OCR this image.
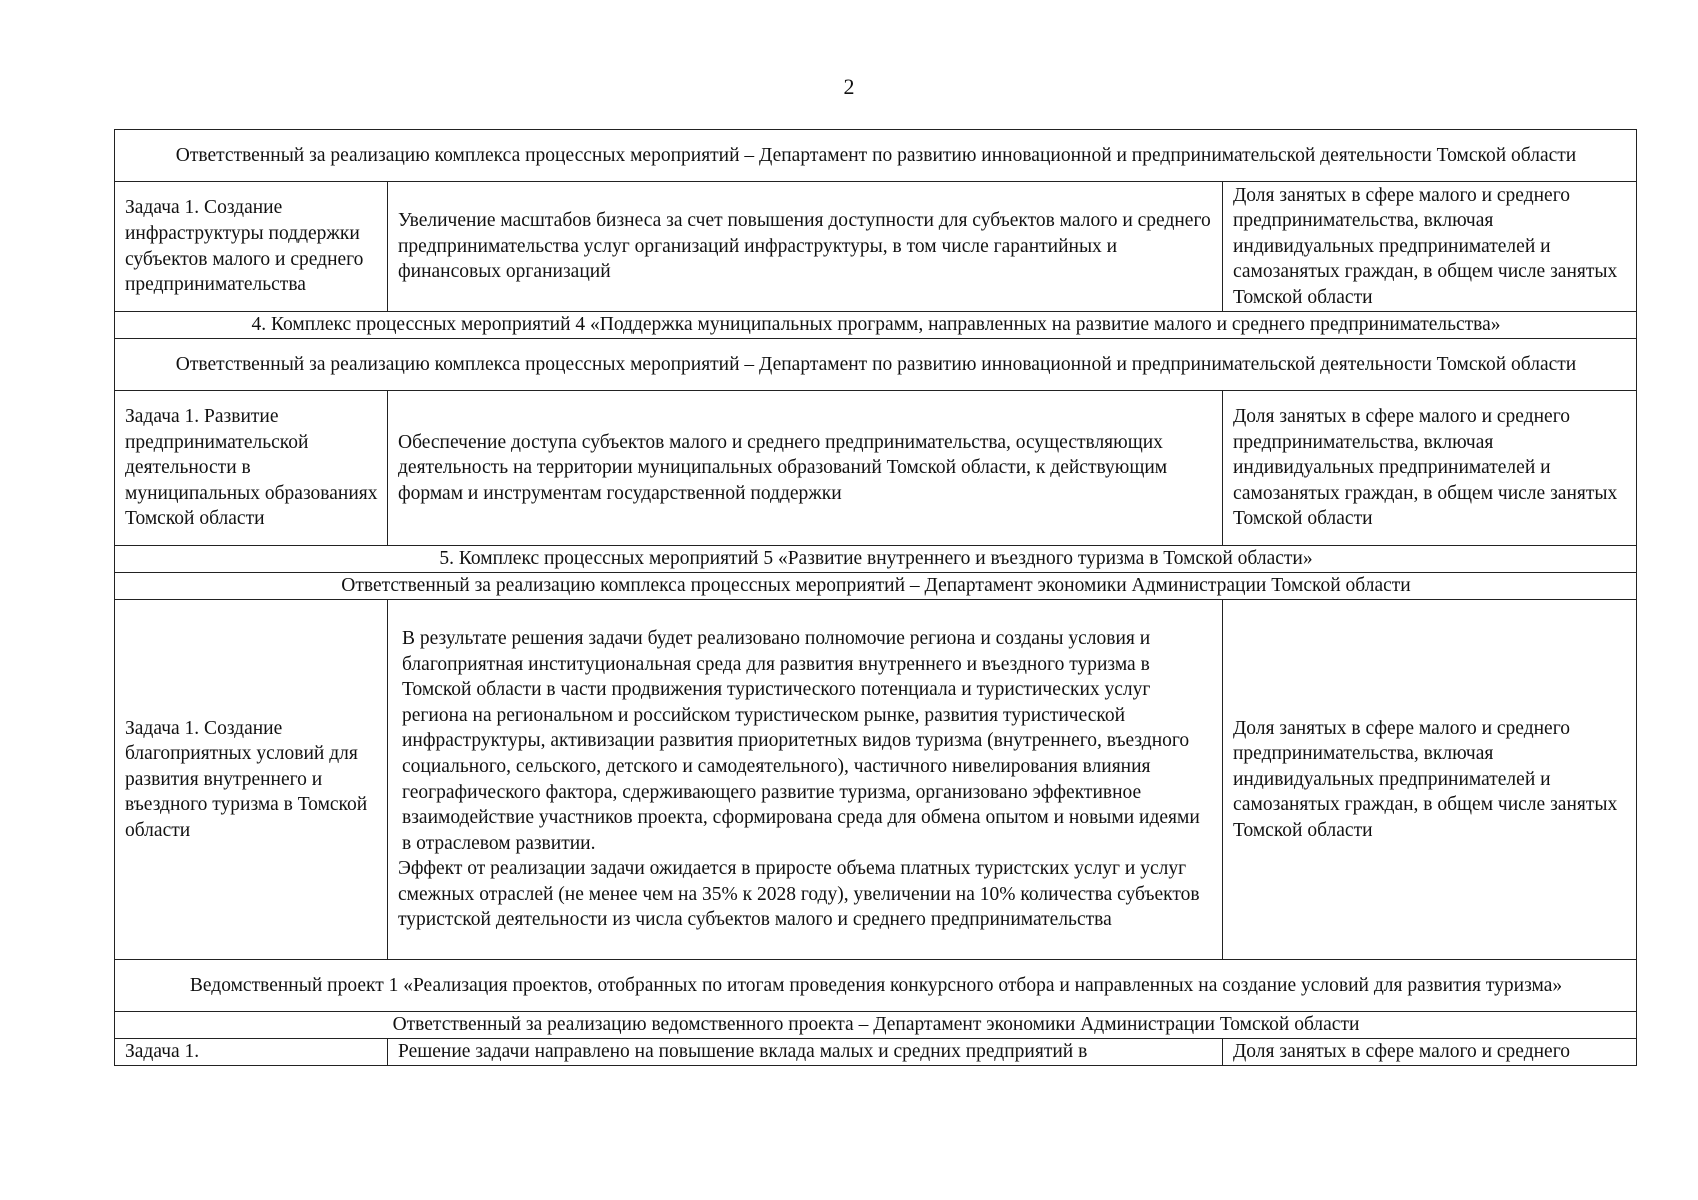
2
Ответственный за реализацию комплекса процессных мероприятий – Департамент по развитию инновационной и предпринимательской деятельности Томской области		
Задача 1. Создание инфраструктуры поддержки субъектов малого и среднего предпринимательства	Увеличение масштабов бизнеса за счет повышения доступности для субъектов малого и среднего предпринимательства услуг организаций инфраструктуры, в том числе гарантийных и финансовых организаций	Доля занятых в сфере малого и среднего предпринимательства, включая индивидуальных предпринимателей и самозанятых граждан, в общем числе занятых Томской области
4. Комплекс процессных мероприятий 4 «Поддержка муниципальных программ, направленных на развитие малого и среднего предпринимательства»		
Ответственный за реализацию комплекса процессных мероприятий – Департамент по развитию инновационной и предпринимательской деятельности Томской области		
Задача 1. Развитие предпринимательской деятельности в муниципальных образованиях Томской области	Обеспечение доступа субъектов малого и среднего предпринимательства, осуществляющих деятельность на территории муниципальных образований Томской области, к действующим формам и инструментам государственной поддержки	Доля занятых в сфере малого и среднего предпринимательства, включая индивидуальных предпринимателей и самозанятых граждан, в общем числе занятых Томской области
5. Комплекс процессных мероприятий 5 «Развитие внутреннего и въездного туризма в Томской области»		
Ответственный за реализацию комплекса процессных мероприятий – Департамент экономики Администрации Томской области		
Задача 1. Создание благоприятных условий для развития внутреннего и въездного туризма в Томской области	В результате решения задачи будет реализовано полномочие региона и созданы условия и благоприятная институциональная среда для развития внутреннего и въездного туризма в Томской области в части продвижения туристического потенциала и туристических услуг региона на региональном и российском туристическом рынке, развития туристической инфраструктуры, активизации развития приоритетных видов туризма (внутреннего, въездного социального, сельского, детского и самодеятельного), частичного нивелирования влияния географического фактора, сдерживающего развитие туризма, организовано эффективное взаимодействие участников проекта, сформирована среда для обмена опытом и новыми идеями в отраслевом развитии.
Эффект от реализации задачи ожидается в приросте объема платных туристских услуг и услуг смежных отраслей (не менее чем на 35% к 2028 году), увеличении на 10% количества субъектов туристской деятельности из числа субъектов малого и среднего предпринимательства	Доля занятых в сфере малого и среднего предпринимательства, включая индивидуальных предпринимателей и самозанятых граждан, в общем числе занятых Томской области
Ведомственный проект 1 «Реализация проектов, отобранных по итогам проведения конкурсного отбора и направленных на создание условий для развития туризма»		
Ответственный за реализацию ведомственного проекта – Департамент экономики Администрации Томской области		
Задача 1.	Решение задачи направлено на повышение вклада малых и средних предприятий в	Доля занятых в сфере малого и среднего
